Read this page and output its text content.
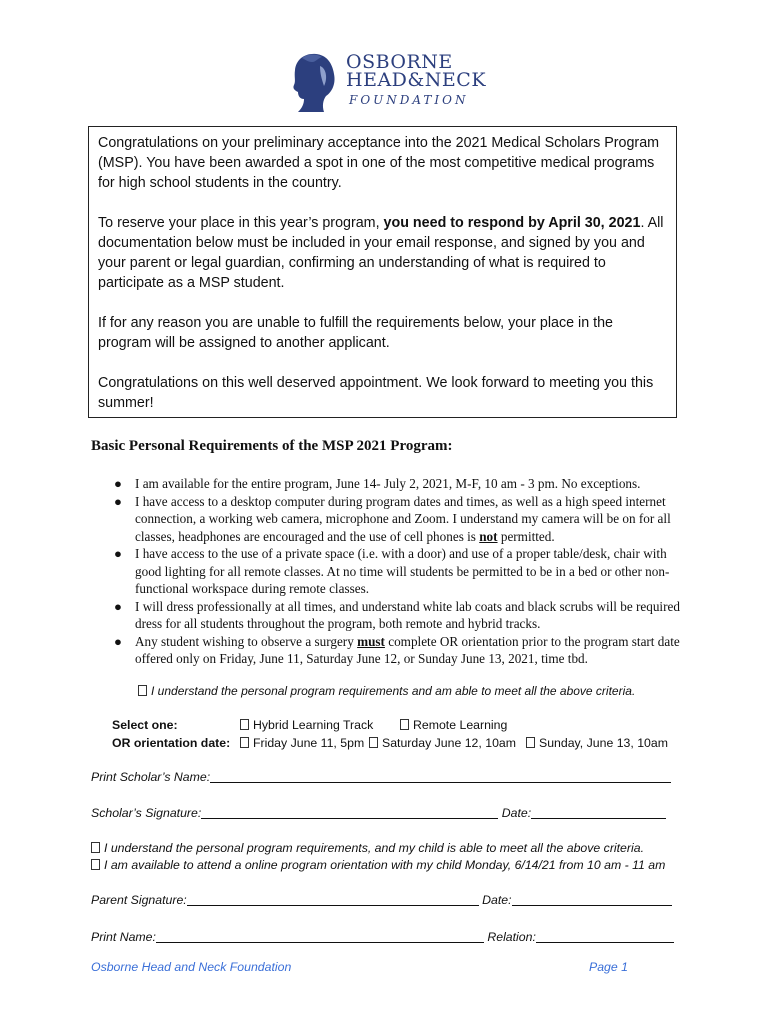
OSBORNE
HEAD&NECK
FOUNDATION

Congratulations on your preliminary acceptance into the 2021 Medical Scholars Program (MSP). You have been awarded a spot in one of the most competitive medical programs for high school students in the country.

To reserve your place in this year’s program, you need to respond by April 30, 2021. All documentation below must be included in your email response, and signed by you and your parent or legal guardian, confirming an understanding of what is required to participate as a MSP student.

If for any reason you are unable to fulfill the requirements below, your place in the program will be assigned to another applicant.

Congratulations on this well deserved appointment. We look forward to meeting you this summer!

Basic Personal Requirements of the MSP 2021 Program:
● I am available for the entire program, June 14- July 2, 2021, M-F, 10 am - 3 pm. No exceptions.
● I have access to a desktop computer during program dates and times, as well as a high speed internet connection, a working web camera, microphone and Zoom. I understand my camera will be on for all classes, headphones are encouraged and the use of cell phones is not permitted.
● I have access to the use of a private space (i.e. with a door) and use of a proper table/desk, chair with good lighting for all remote classes. At no time will students be permitted to be in a bed or other non-functional workspace during remote classes.
● I will dress professionally at all times, and understand white lab coats and black scrubs will be required dress for all students throughout the program, both remote and hybrid tracks.
● Any student wishing to observe a surgery must complete OR orientation prior to the program start date offered only on Friday, June 11, Saturday June 12, or Sunday June 13, 2021, time tbd.
I understand the personal program requirements and am able to meet all the above criteria.
Select one:	Hybrid Learning Track	Remote Learning
OR orientation date:	Friday June 11, 5pm	Saturday June 12, 10am	Sunday, June 13, 10am
Print Scholar’s Name:
Scholar’s Signature:	Date:
I understand the personal program requirements, and my child is able to meet all the above criteria.
I am available to attend a online program orientation with my child Monday, 6/14/21 from 10 am - 11 am
Parent Signature:	Date:
Print Name:	Relation:
Osborne Head and Neck Foundation	Page 1
